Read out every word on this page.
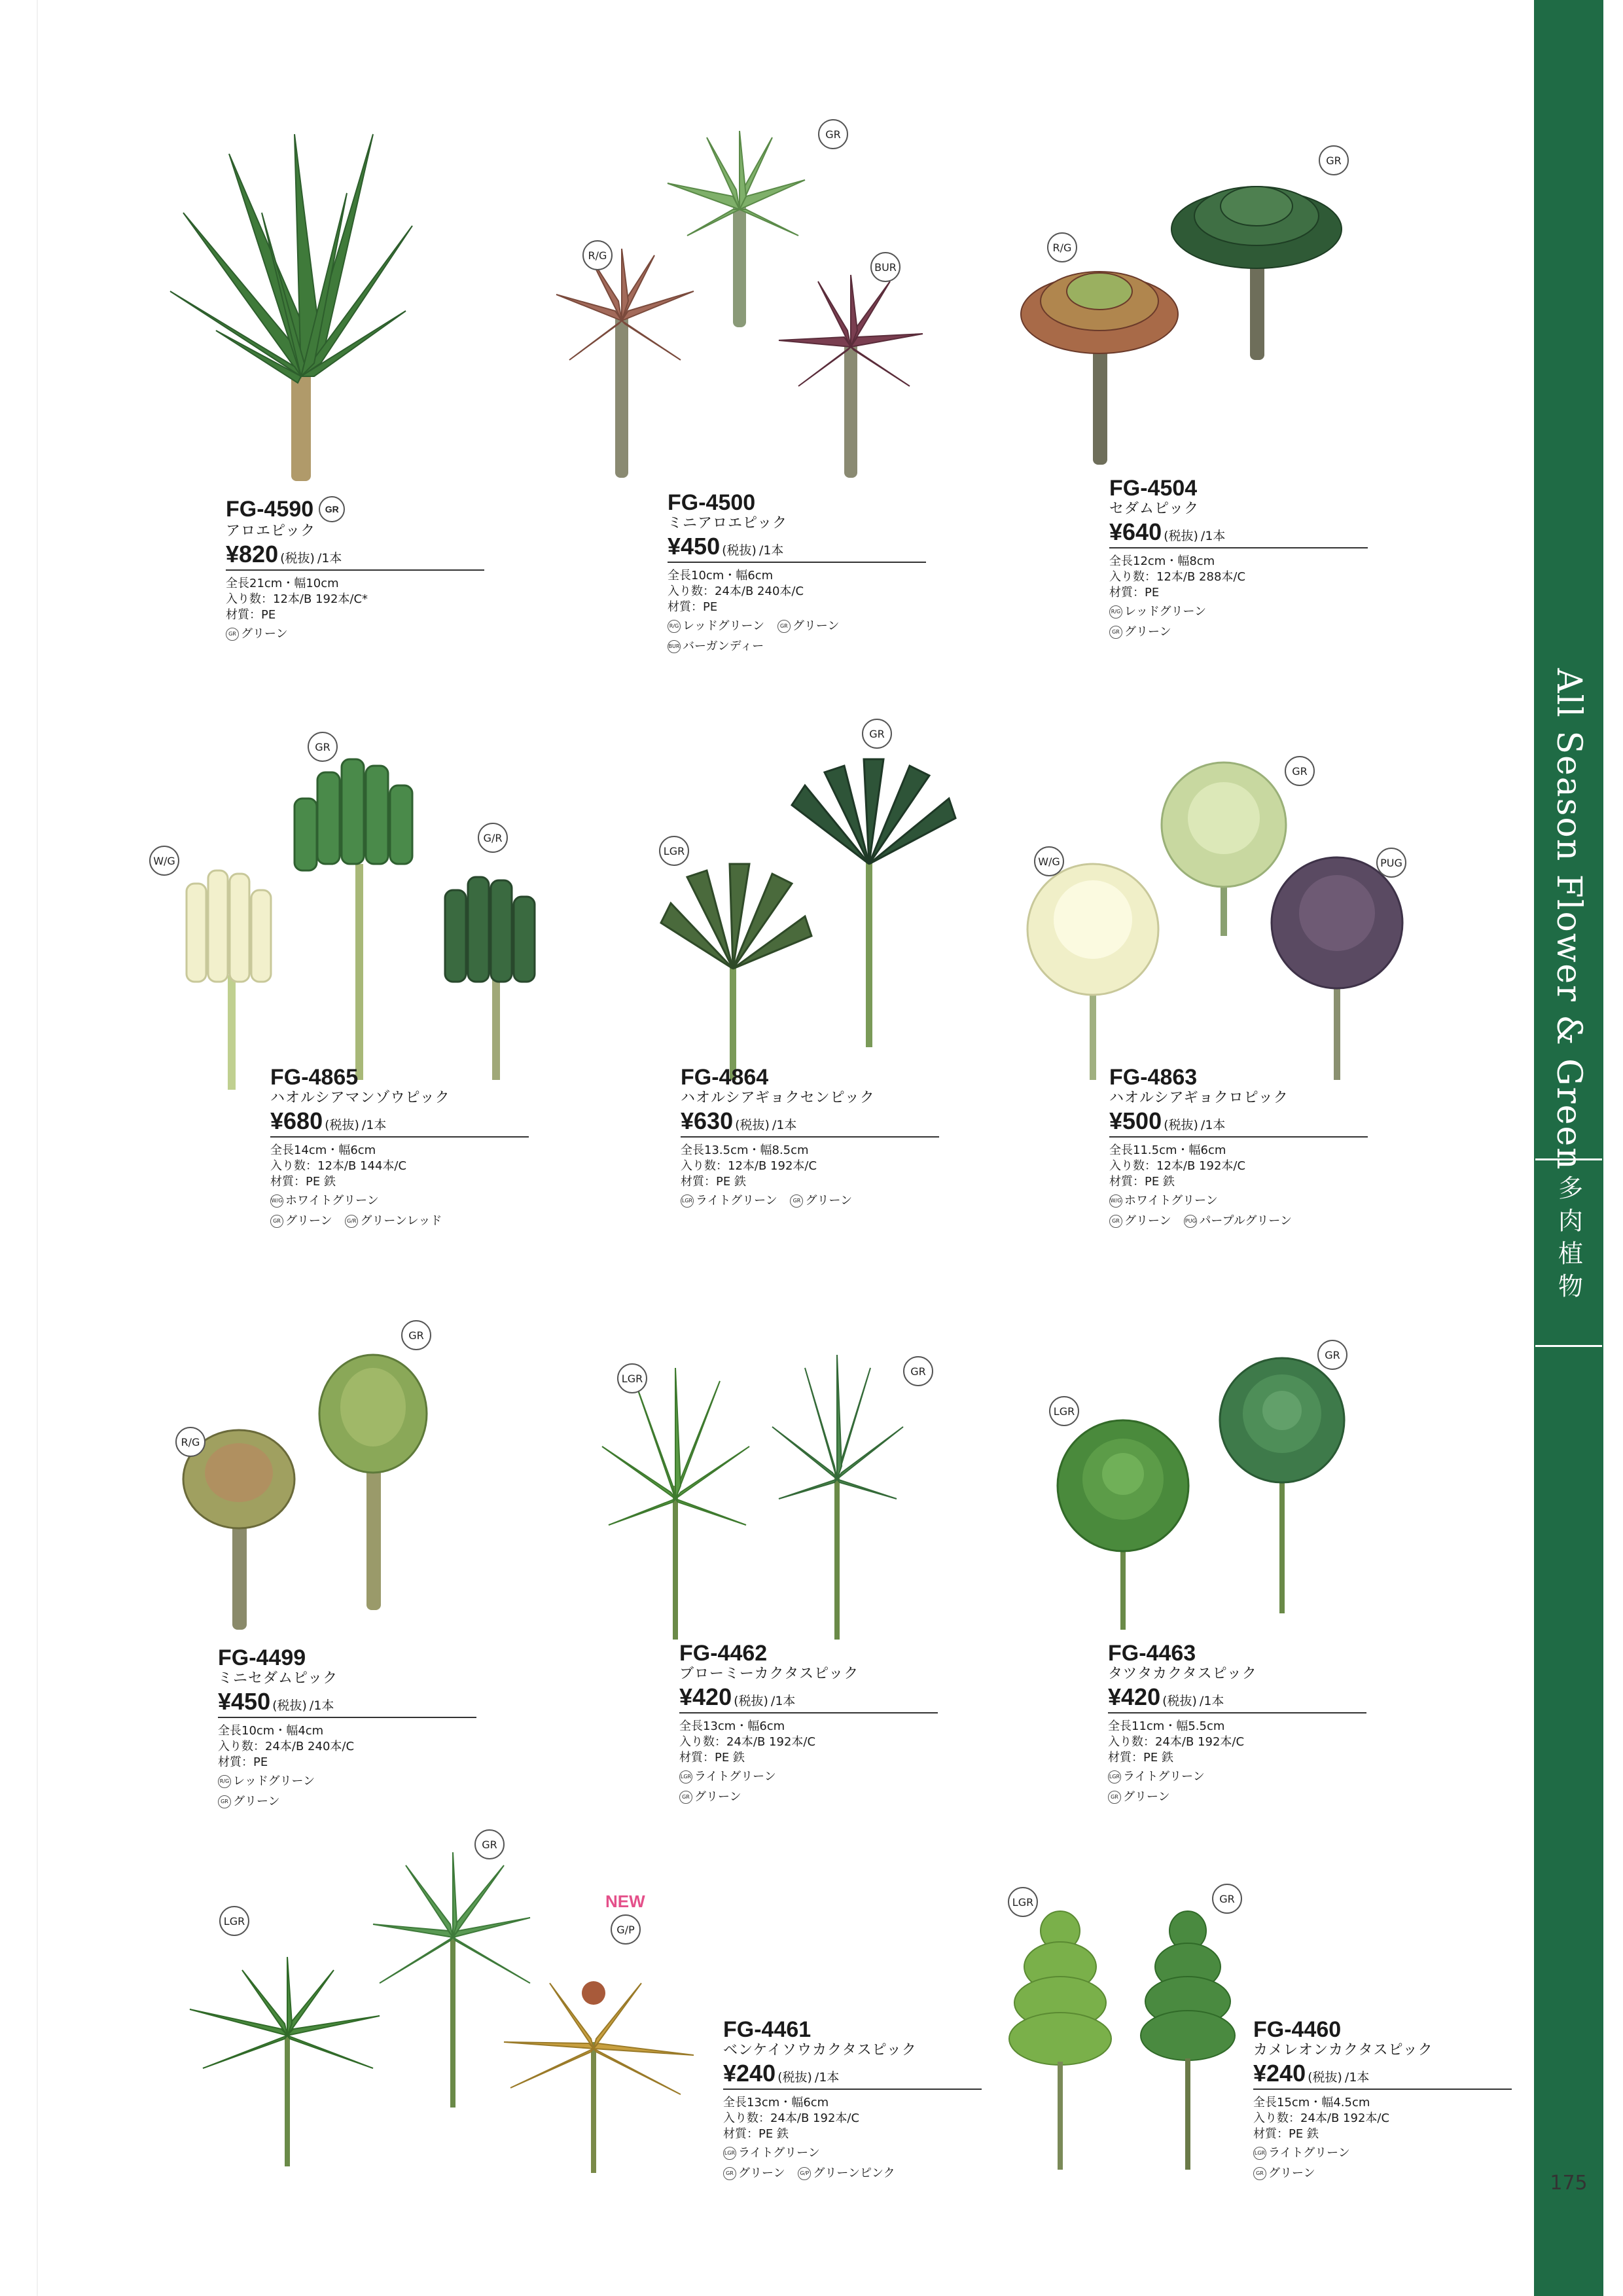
All Season Flower & Green
多肉植物
175
GR
R/G
BUR
GR
R/G
GR
W/G
G/R
GR
LGR
GR
W/G	PUG
GR
R/G
LGR
GR
GR
LGR
GR
LGR
NEW
G/P
LGR	GR
FG-4590	GR
アロエピック
¥820 (税抜) /1本
全長21cm・幅10cm
入り数：12本/B 192本/C*
材質：PE
GR グリーン
FG-4500
ミニアロエピック
¥450 (税抜) /1本
全長10cm・幅6cm
入り数：24本/B 240本/C
材質：PE
R/G レッドグリーン
	GR グリーン
BUR バーガンディー
FG-4504
セダムピック
¥640 (税抜) /1本
全長12cm・幅8cm
入り数：12本/B 288本/C
材質：PE
R/G レッドグリーン
GR グリーン
FG-4865
ハオルシアマンゾウピック
¥680 (税抜) /1本
全長14cm・幅6cm
入り数：12本/B 144本/C
材質：PE 鉄
W/G ホワイトグリーン
GR グリーン
	G/R グリーンレッド
FG-4864
ハオルシアギョクセンピック
¥630 (税抜) /1本
全長13.5cm・幅8.5cm
入り数：12本/B 192本/C
材質：PE 鉄
LGR ライトグリーン
	GR グリーン
FG-4863
ハオルシアギョクロピック
¥500 (税抜) /1本
全長11.5cm・幅6cm
入り数：12本/B 192本/C
材質：PE 鉄
W/G ホワイトグリーン
GR グリーン
	PUG パープルグリーン
FG-4499
ミニセダムピック
¥450 (税抜) /1本
全長10cm・幅4cm
入り数：24本/B 240本/C
材質：PE
R/G レッドグリーン
GR グリーン
FG-4462
ブローミーカクタスピック
¥420 (税抜) /1本
全長13cm・幅6cm
入り数：24本/B 192本/C
材質：PE 鉄
LGR ライトグリーン
GR グリーン
FG-4463
タツタカクタスピック
¥420 (税抜) /1本
全長11cm・幅5.5cm
入り数：24本/B 192本/C
材質：PE 鉄
LGR ライトグリーン
GR グリーン
FG-4461
ベンケイソウカクタスピック
¥240 (税抜) /1本
全長13cm・幅6cm
入り数：24本/B 192本/C
材質：PE 鉄
LGR ライトグリーン
GR グリーン
	G/P グリーンピンク
FG-4460
カメレオンカクタスピック
¥240 (税抜) /1本
全長15cm・幅4.5cm
入り数：24本/B 192本/C
材質：PE 鉄
LGR ライトグリーン
GR グリーン
